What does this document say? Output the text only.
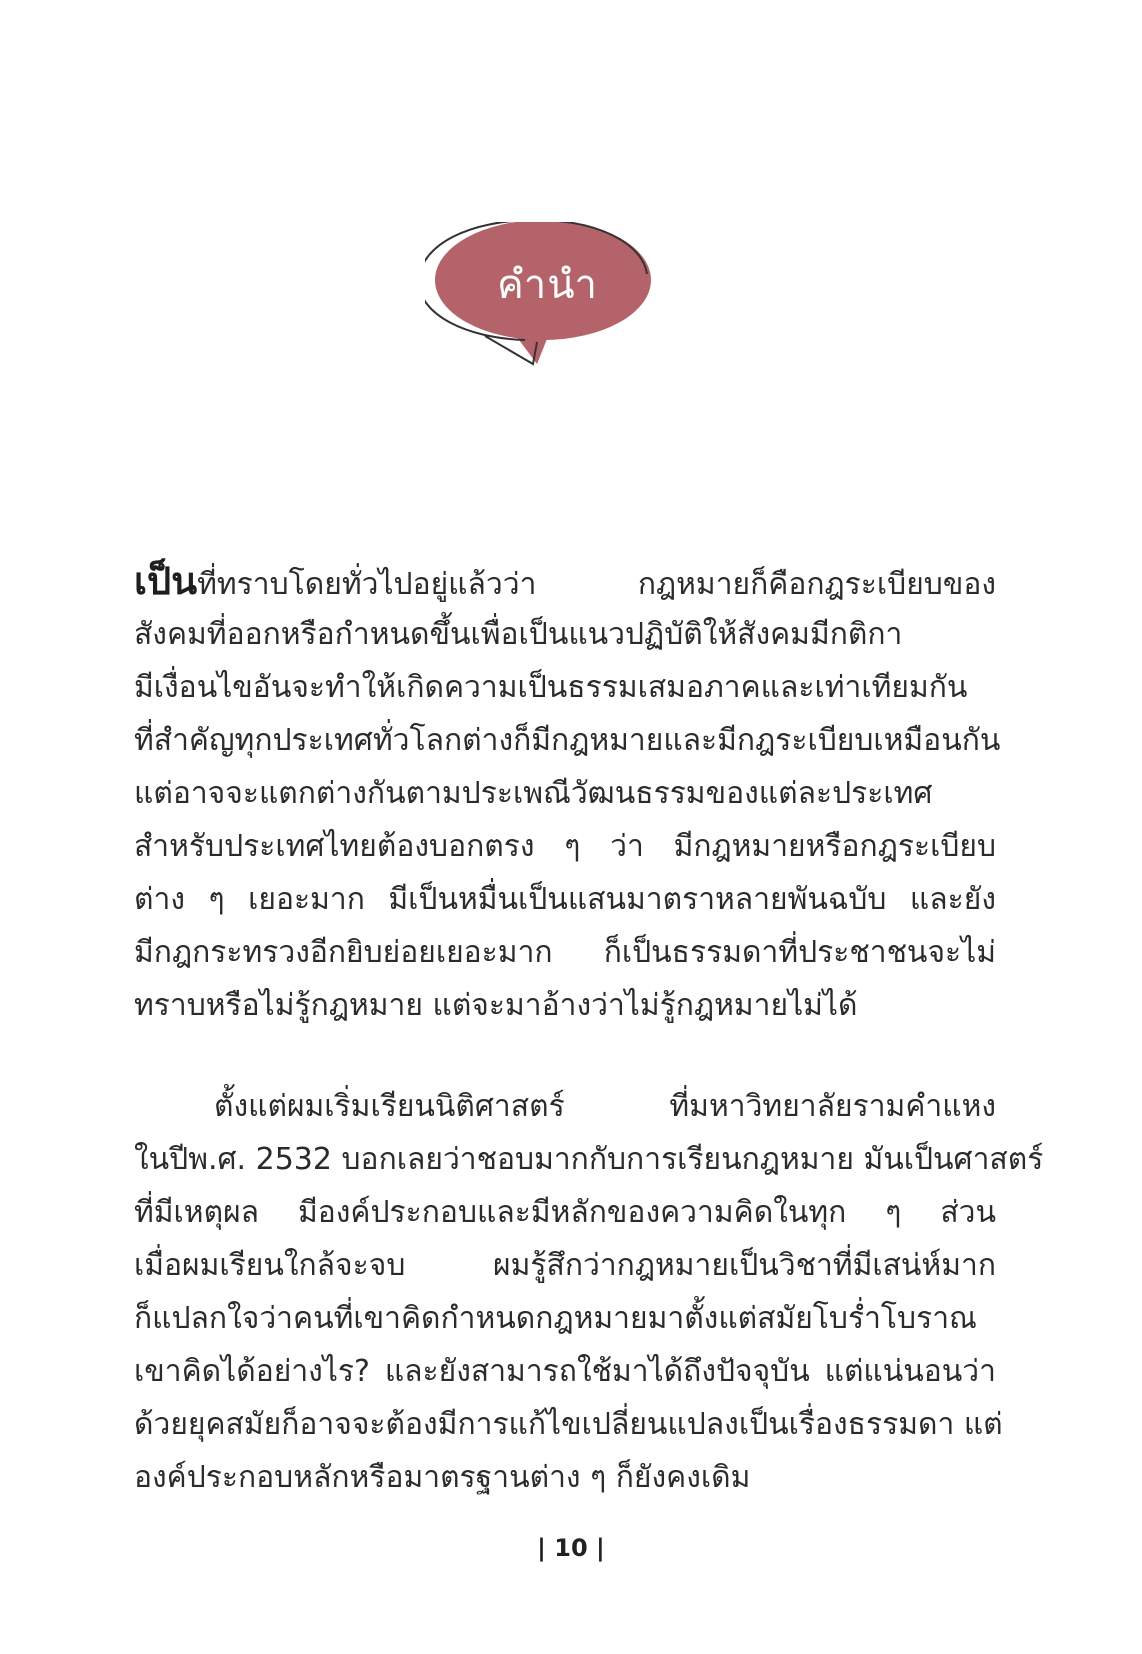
คำนำ
เป็นที่ทราบโดยทั่วไปอยู่แล้วว่า กฎหมายก็คือกฎระเบียบของ
สังคมที่ออกหรือกำหนดขึ้นเพื่อเป็นแนวปฏิบัติให้สังคมมีกติกา
มีเงื่อนไขอันจะทำให้เกิดความเป็นธรรมเสมอภาคและเท่าเทียมกัน
ที่สำคัญทุกประเทศทั่วโลกต่างก็มีกฎหมายและมีกฎระเบียบเหมือนกัน
แต่อาจจะแตกต่างกันตามประเพณีวัฒนธรรมของแต่ละประเทศ
สำหรับประเทศไทยต้องบอกตรง ๆ ว่า มีกฎหมายหรือกฎระเบียบ
ต่าง ๆ เยอะมาก มีเป็นหมื่นเป็นแสนมาตราหลายพันฉบับ และยัง
มีกฎกระทรวงอีกยิบย่อยเยอะมาก ก็เป็นธรรมดาที่ประชาชนจะไม่
ทราบหรือไม่รู้กฎหมาย แต่จะมาอ้างว่าไม่รู้กฎหมายไม่ได้
ตั้งแต่ผมเริ่มเรียนนิติศาสตร์ ที่มหาวิทยาลัยรามคำแหง
ในปีพ.ศ. 2532 บอกเลยว่าชอบมากกับการเรียนกฎหมาย มันเป็นศาสตร์
ที่มีเหตุผล มีองค์ประกอบและมีหลักของความคิดในทุก ๆ ส่วน
เมื่อผมเรียนใกล้จะจบ ผมรู้สึกว่ากฎหมายเป็นวิชาที่มีเสน่ห์มาก
ก็แปลกใจว่าคนที่เขาคิดกำหนดกฎหมายมาตั้งแต่สมัยโบร่ำโบราณ
เขาคิดได้อย่างไร? และยังสามารถใช้มาได้ถึงปัจจุบัน แต่แน่นอนว่า
ด้วยยุคสมัยก็อาจจะต้องมีการแก้ไขเปลี่ยนแปลงเป็นเรื่องธรรมดา แต่
องค์ประกอบหลักหรือมาตรฐานต่าง ๆ ก็ยังคงเดิม
| 10 |
